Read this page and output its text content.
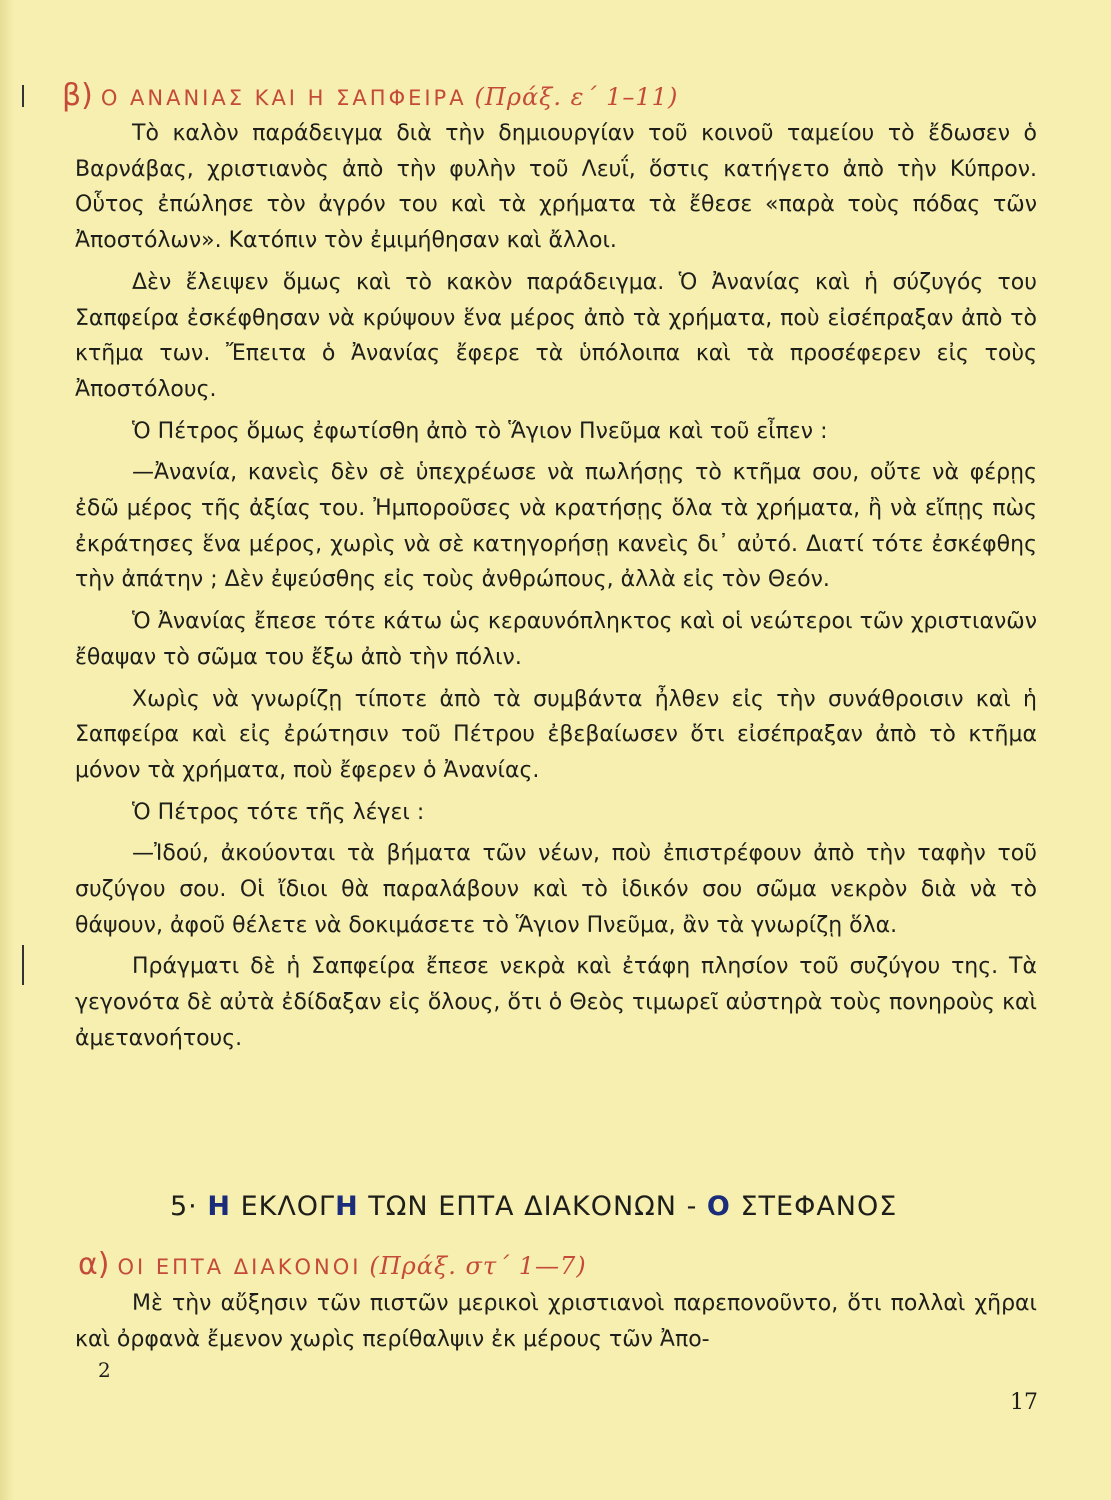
β) Ο ΑΝΑΝΙΑΣ ΚΑΙ Η ΣΑΠΦΕΙΡΑ (Πράξ. ε΄ 1–11)

Τὸ καλὸν παράδειγμα διὰ τὴν δημιουργίαν τοῦ κοινοῦ ταμείου τὸ ἔδωσεν ὁ Βαρνάβας, χριστιανὸς ἀπὸ τὴν φυλὴν τοῦ Λευΐ, ὅστις κατήγετο ἀπὸ τὴν Κύπρον. Οὗτος ἐπώλησε τὸν ἀγρόν του καὶ τὰ χρήματα τὰ ἔθεσε «παρὰ τοὺς πόδας τῶν Ἀποστόλων». Κατόπιν τὸν ἐμιμήθησαν καὶ ἄλλοι.

Δὲν ἔλειψεν ὅμως καὶ τὸ κακὸν παράδειγμα. Ὁ Ἀνανίας καὶ ἡ σύζυγός του Σαπφείρα ἐσκέφθησαν νὰ κρύψουν ἕνα μέρος ἀπὸ τὰ χρήματα, ποὺ εἰσέπραξαν ἀπὸ τὸ κτῆμα των. Ἔπειτα ὁ Ἀνανίας ἔφερε τὰ ὑπόλοιπα καὶ τὰ προσέφερεν εἰς τοὺς Ἀποστόλους.

Ὁ Πέτρος ὅμως ἐφωτίσθη ἀπὸ τὸ Ἅγιον Πνεῦμα καὶ τοῦ εἶπεν :

—Ἀνανία, κανεὶς δὲν σὲ ὑπεχρέωσε νὰ πωλήσῃς τὸ κτῆμα σου, οὔτε νὰ φέρῃς ἐδῶ μέρος τῆς ἀξίας του. Ἠμποροῦσες νὰ κρατήσῃς ὅλα τὰ χρήματα, ἢ νὰ εἴπῃς πὼς ἐκράτησες ἕνα μέρος, χωρὶς νὰ σὲ κατηγορήσῃ κανεὶς δι᾽ αὐτό. Διατί τότε ἐσκέφθης τὴν ἀπάτην ; Δὲν ἐψεύσθης εἰς τοὺς ἀνθρώπους, ἀλλὰ εἰς τὸν Θεόν.

Ὁ Ἀνανίας ἔπεσε τότε κάτω ὡς κεραυνόπληκτος καὶ οἱ νεώτεροι τῶν χριστιανῶν ἔθαψαν τὸ σῶμα του ἔξω ἀπὸ τὴν πόλιν.

Χωρὶς νὰ γνωρίζῃ τίποτε ἀπὸ τὰ συμβάντα ἦλθεν εἰς τὴν συνάθροισιν καὶ ἡ Σαπφείρα καὶ εἰς ἐρώτησιν τοῦ Πέτρου ἐβεβαίωσεν ὅτι εἰσέπραξαν ἀπὸ τὸ κτῆμα μόνον τὰ χρήματα, ποὺ ἔφερεν ὁ Ἀνανίας.

Ὁ Πέτρος τότε τῆς λέγει :

—Ἰδού, ἀκούονται τὰ βήματα τῶν νέων, ποὺ ἐπιστρέφουν ἀπὸ τὴν ταφὴν τοῦ συζύγου σου. Οἱ ἴδιοι θὰ παραλάβουν καὶ τὸ ἰδικόν σου σῶμα νεκρὸν διὰ νὰ τὸ θάψουν, ἀφοῦ θέλετε νὰ δοκιμάσετε τὸ Ἅγιον Πνεῦμα, ἂν τὰ γνωρίζῃ ὅλα.

Πράγματι δὲ ἡ Σαπφείρα ἔπεσε νεκρὰ καὶ ἐτάφη πλησίον τοῦ συζύγου της. Τὰ γεγονότα δὲ αὐτὰ ἐδίδαξαν εἰς ὅλους, ὅτι ὁ Θεὸς τιμωρεῖ αὐστηρὰ τοὺς πονηροὺς καὶ ἀμετανοήτους.

5· Η ΕΚΛΟΓΗ ΤΩΝ ΕΠΤΑ ΔΙΑΚΟΝΩΝ - Ο ΣΤΕΦΑΝΟΣ
α) ΟΙ ΕΠΤΑ ΔΙΑΚΟΝΟΙ (Πράξ. στ΄ 1—7)

Μὲ τὴν αὔξησιν τῶν πιστῶν μερικοὶ χριστιανοὶ παρεπονοῦντο, ὅτι πολλαὶ χῆραι καὶ ὀρφανὰ ἔμενον χωρὶς περίθαλψιν ἐκ μέρους τῶν Ἀπο-

2
17
